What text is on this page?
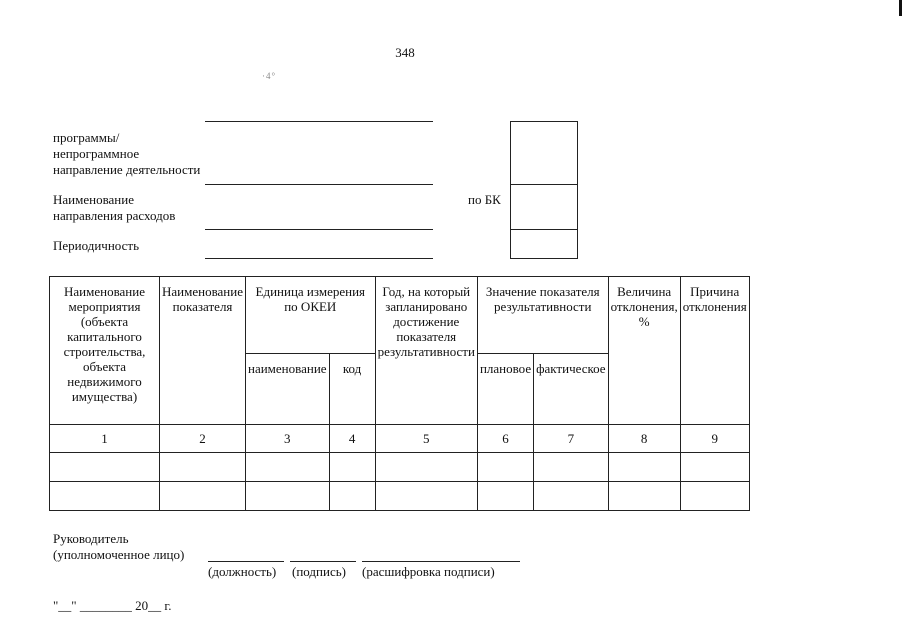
348
·4°
программы/непрограммное направление деятельности
Наименование направления расходов
Периодичность
по БК
Наименование мероприятия (объекта капитального строительства, объекта недвижимого имущества)	Наименование показателя	Единица измерения по ОКЕИ		Год, на который запланировано достижение показателя результативности	Значение показателя результативности		Величина отклонения, %	Причина отклонения
		наименование	код		плановое	фактическое		
1	2	3	4	5	6	7	8	9

Руководитель
(уполномоченное лицо)
(должность) (подпись) (расшифровка подписи)
"__" ________ 20__ г.
